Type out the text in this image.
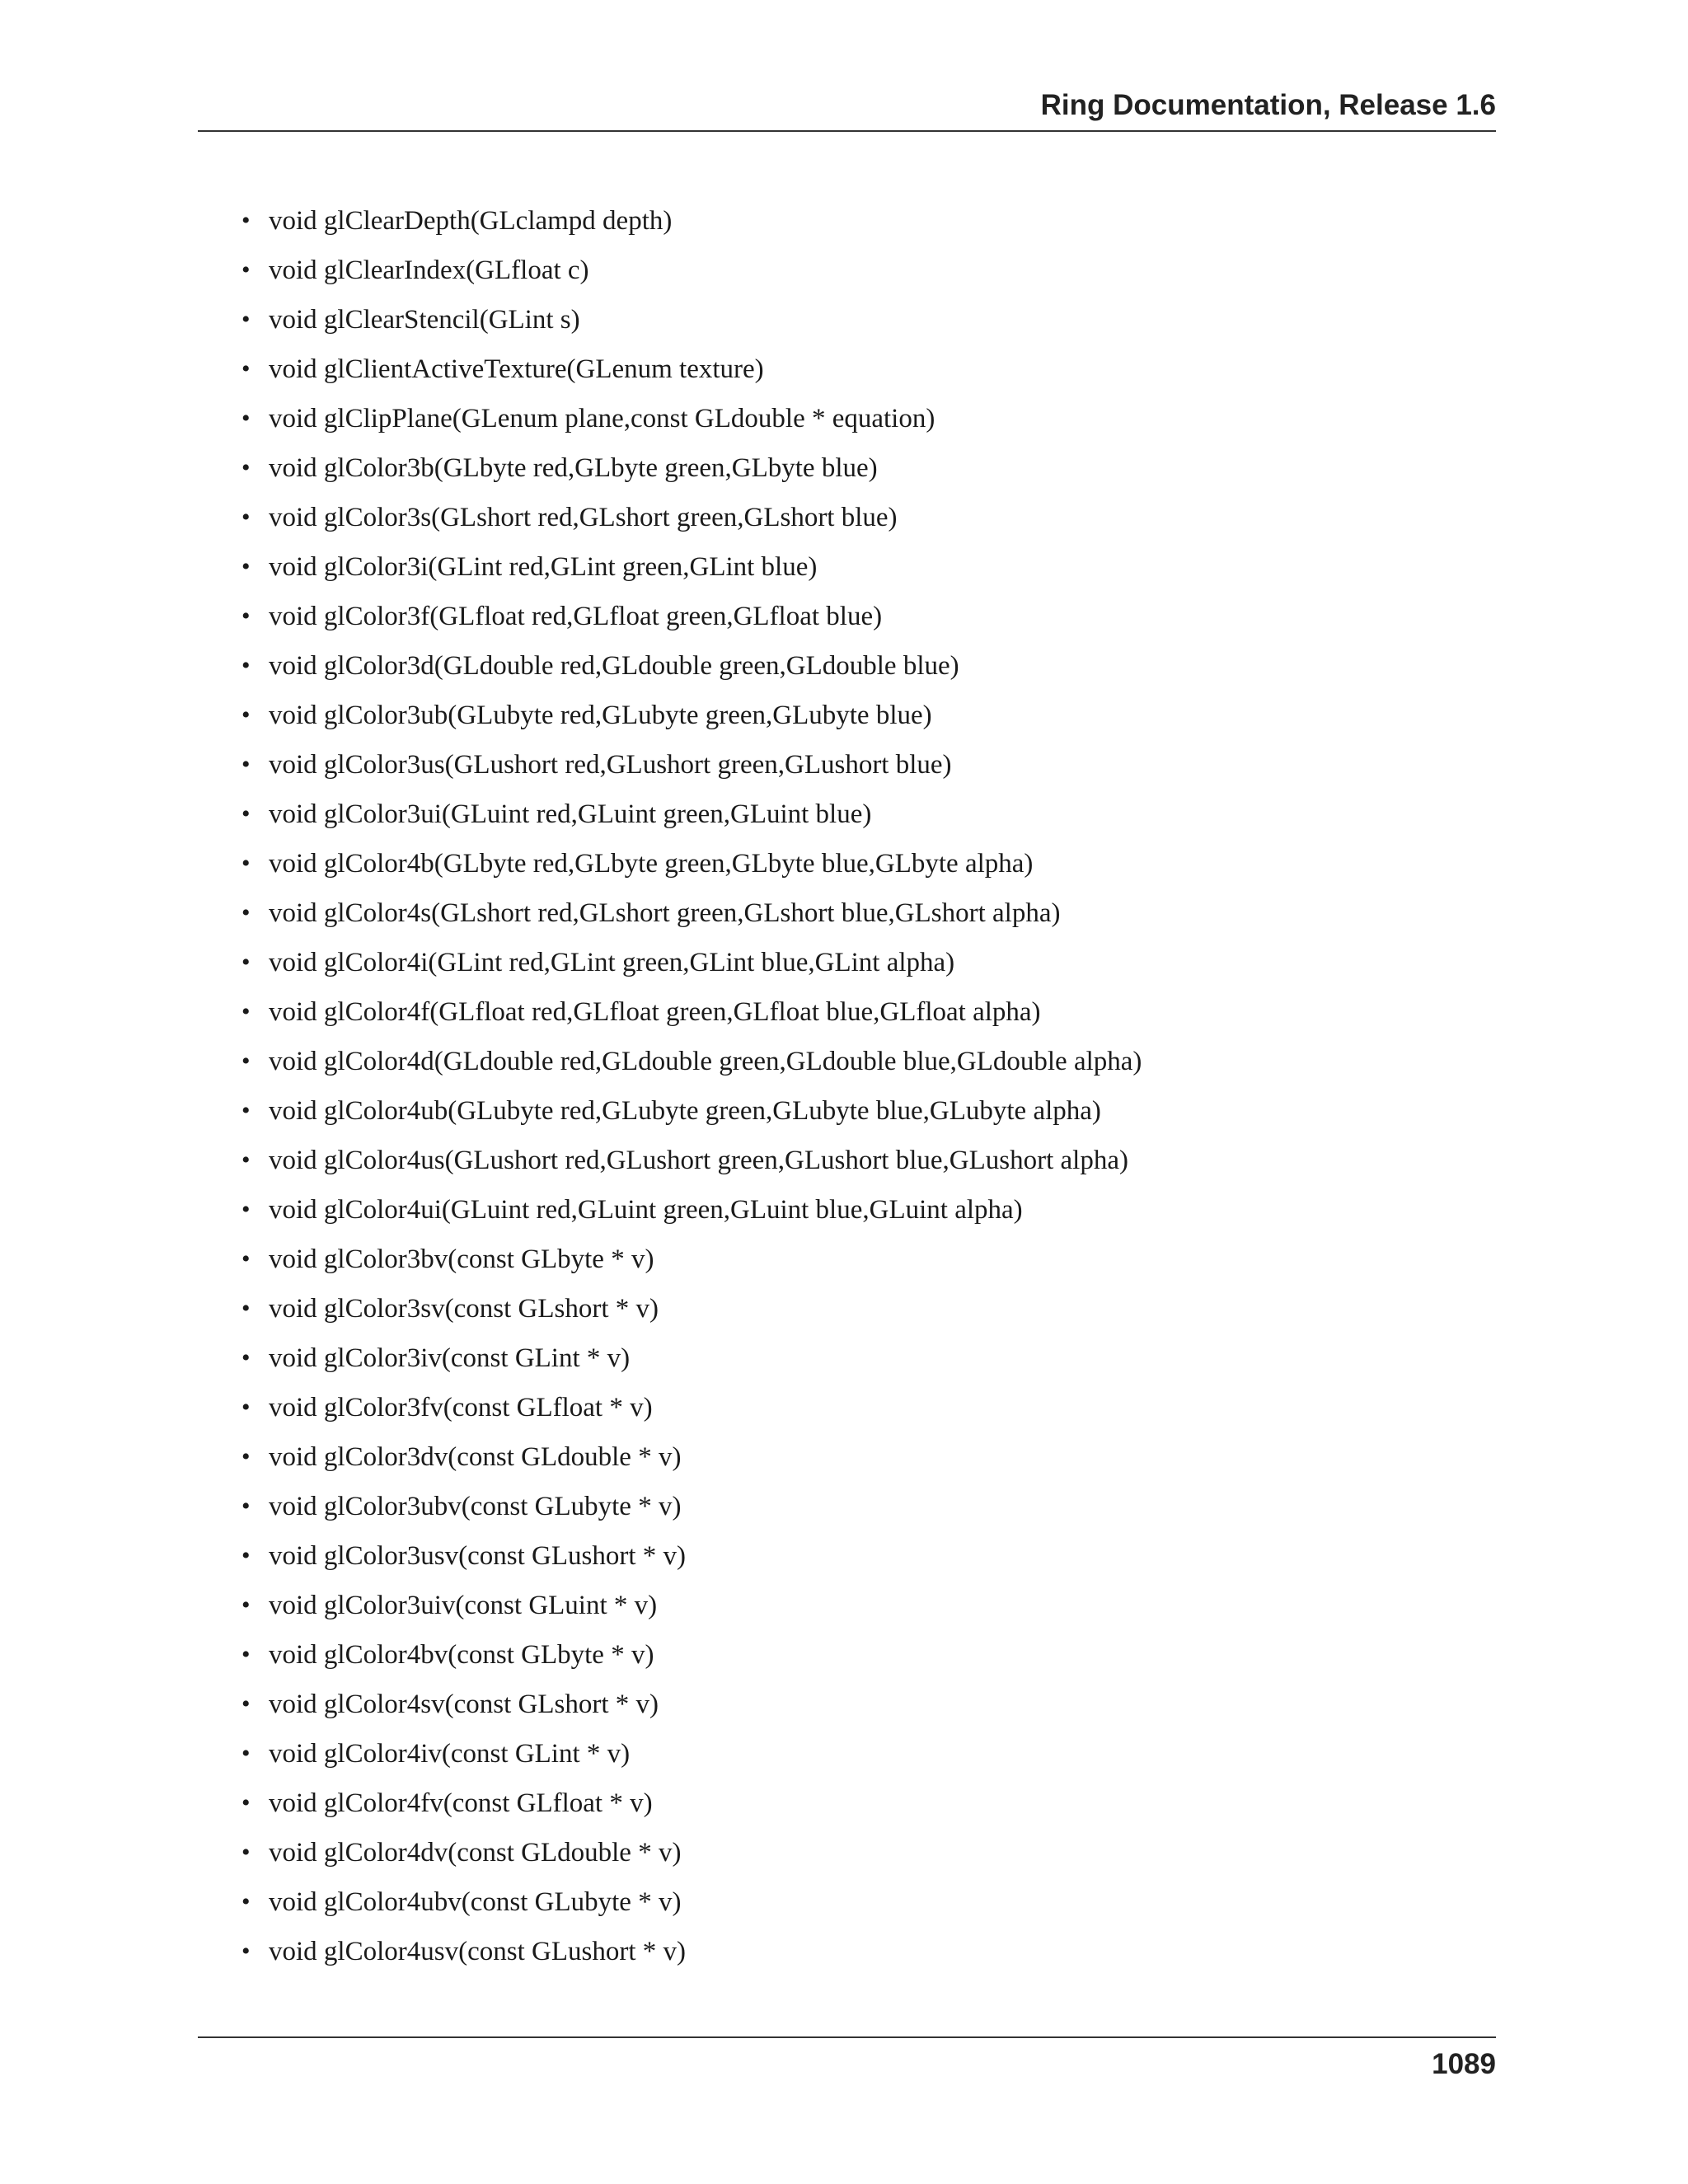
Ring Documentation, Release 1.6
• void glClearDepth(GLclampd depth)
• void glClearIndex(GLfloat c)
• void glClearStencil(GLint s)
• void glClientActiveTexture(GLenum texture)
• void glClipPlane(GLenum plane,const GLdouble * equation)
• void glColor3b(GLbyte red,GLbyte green,GLbyte blue)
• void glColor3s(GLshort red,GLshort green,GLshort blue)
• void glColor3i(GLint red,GLint green,GLint blue)
• void glColor3f(GLfloat red,GLfloat green,GLfloat blue)
• void glColor3d(GLdouble red,GLdouble green,GLdouble blue)
• void glColor3ub(GLubyte red,GLubyte green,GLubyte blue)
• void glColor3us(GLushort red,GLushort green,GLushort blue)
• void glColor3ui(GLuint red,GLuint green,GLuint blue)
• void glColor4b(GLbyte red,GLbyte green,GLbyte blue,GLbyte alpha)
• void glColor4s(GLshort red,GLshort green,GLshort blue,GLshort alpha)
• void glColor4i(GLint red,GLint green,GLint blue,GLint alpha)
• void glColor4f(GLfloat red,GLfloat green,GLfloat blue,GLfloat alpha)
• void glColor4d(GLdouble red,GLdouble green,GLdouble blue,GLdouble alpha)
• void glColor4ub(GLubyte red,GLubyte green,GLubyte blue,GLubyte alpha)
• void glColor4us(GLushort red,GLushort green,GLushort blue,GLushort alpha)
• void glColor4ui(GLuint red,GLuint green,GLuint blue,GLuint alpha)
• void glColor3bv(const GLbyte * v)
• void glColor3sv(const GLshort * v)
• void glColor3iv(const GLint * v)
• void glColor3fv(const GLfloat * v)
• void glColor3dv(const GLdouble * v)
• void glColor3ubv(const GLubyte * v)
• void glColor3usv(const GLushort * v)
• void glColor3uiv(const GLuint * v)
• void glColor4bv(const GLbyte * v)
• void glColor4sv(const GLshort * v)
• void glColor4iv(const GLint * v)
• void glColor4fv(const GLfloat * v)
• void glColor4dv(const GLdouble * v)
• void glColor4ubv(const GLubyte * v)
• void glColor4usv(const GLushort * v)
1089
